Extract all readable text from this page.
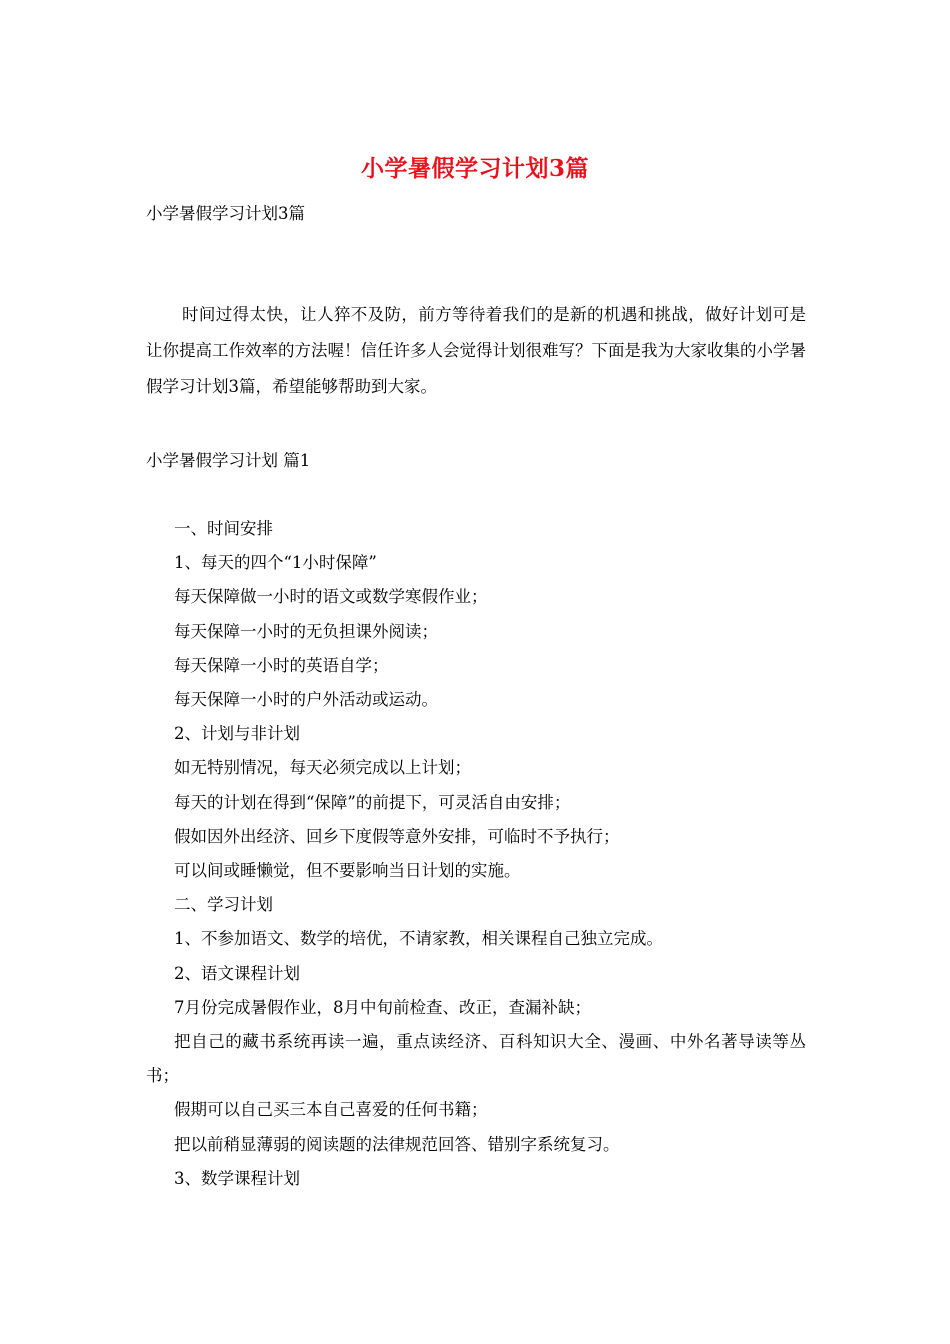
小学暑假学习计划3篇

小学暑假学习计划3篇

时间过得太快，让人猝不及防，前方等待着我们的是新的机遇和挑战，做好计划可是让你提高工作效率的方法喔！信任许多人会觉得计划很难写？下面是我为大家收集的小学暑假学习计划3篇，希望能够帮助到大家。

小学暑假学习计划 篇1

一、时间安排
1、每天的四个“1小时保障”
每天保障做一小时的语文或数学寒假作业；
每天保障一小时的无负担课外阅读；
每天保障一小时的英语自学；
每天保障一小时的户外活动或运动。
2、计划与非计划
如无特别情况，每天必须完成以上计划；
每天的计划在得到“保障”的前提下，可灵活自由安排；
假如因外出经济、回乡下度假等意外安排，可临时不予执行；
可以间或睡懒觉，但不要影响当日计划的实施。
二、学习计划
1、不参加语文、数学的培优，不请家教，相关课程自己独立完成。
2、语文课程计划
7月份完成暑假作业，8月中旬前检查、改正，查漏补缺；
把自己的藏书系统再读一遍，重点读经济、百科知识大全、漫画、中外名著导读等丛书；
假期可以自己买三本自己喜爱的任何书籍；
把以前稍显薄弱的阅读题的法律规范回答、错别字系统复习。
3、数学课程计划
